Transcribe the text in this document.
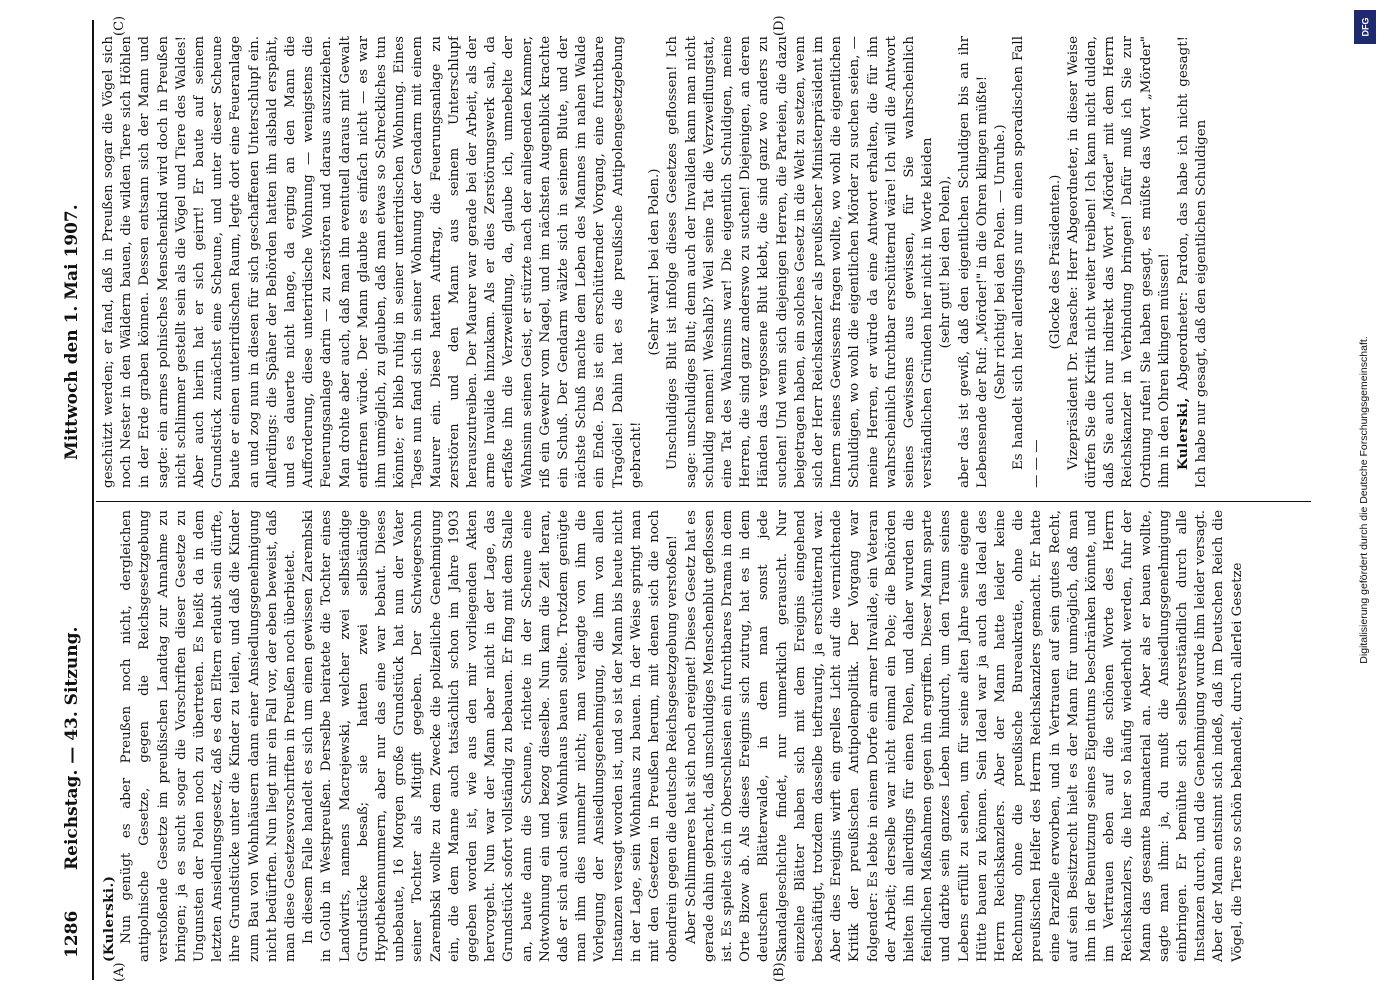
1286
Reichstag. — 43. Sitzung.
Mittwoch den 1. Mai 1907.
(A)	(B)
(C)	(D)

(Kulerski.) Nun genügt es aber Preußen noch nicht, dergleichen antipolnische Gesetze, gegen die Reichsgesetzgebung verstoßende Gesetze im preußischen Landtag zur Annahme zu bringen; ja es sucht sogar die Vorschriften dieser Gesetze zu Ungunsten der Polen noch zu übertreten. Es heißt da in dem letzten Ansiedlungsgesetz, daß es den Eltern erlaubt sein dürfte, ihre Grundstücke unter die Kinder zu teilen, und daß die Kinder zum Bau von Wohnhäusern dann einer Ansiedlungsgenehmigung nicht bedürften. Nun liegt mir ein Fall vor, der eben beweist, daß man diese Gesetzesvorschriften in Preußen noch überbietet. In diesem Falle handelt es sich um einen gewissen Zarembski in Golub in Westpreußen. Derselbe heiratete die Tochter eines Landwirts, namens Macrejewski, welcher zwei selbständige Grundstücke besaß; sie hatten zwei selbständige Hypothekennummern, aber nur das eine war bebaut. Dieses unbebaute, 16 Morgen große Grundstück hat nun der Vater seiner Tochter als Mitgift gegeben. Der Schwiegersohn Zarembski wollte zu dem Zwecke die polizeiliche Genehmigung ein, die dem Manne auch tatsächlich schon im Jahre 1903 gegeben worden ist, wie aus den mir vorliegenden Akten hervorgeht. Nun war der Mann aber nicht in der Lage, das Grundstück sofort vollständig zu bebauen. Er fing mit dem Stalle an, baute dann die Scheune, richtete in der Scheune eine Notwohnung ein und bezog dieselbe. Nun kam die Zeit heran, daß er sich auch sein Wohnhaus bauen sollte. Trotzdem genügte man ihm dies nunmehr nicht; man verlangte von ihm die Vorlegung der Ansiedlungsgenehmigung, die ihm von allen Instanzen versagt worden ist, und so ist der Mann bis heute nicht in der Lage, sein Wohnhaus zu bauen. In der Weise springt man mit den Gesetzen in Preußen herum, mit denen sich die noch obendrein gegen die deutsche Reichsgesetzgebung verstoßen! Aber Schlimmeres hat sich noch ereignet! Dieses Gesetz hat es gerade dahin gebracht, daß unschuldiges Menschenblut geflossen ist. Es spielte sich in Oberschlesien ein furchtbares Drama in dem Orte Bizow ab. Als dieses Ereignis sich zutrug, hat es in dem deutschen Blätterwalde, in dem man sonst jede Skandalgeschichte findet, nur unmerklich gerauscht. Nur einzelne Blätter haben sich mit dem Ereignis eingehend beschäftigt, trotzdem dasselbe tieftraurig, ja erschütternd war. Aber dies Ereignis wirft ein grelles Licht auf die vernichtende Kritik der preußischen Antipolenpolitik. Der Vorgang war folgender: Es lebte in einem Dorfe ein armer Invalide, ein Veteran der Arbeit; derselbe war nicht einmal ein Pole; die Behörden hielten ihn allerdings für einen Polen, und daher wurden die feindlichen Maßnahmen gegen ihn ergriffen. Dieser Mann sparte und darbte sein ganzes Leben hindurch, um den Traum seines Lebens erfüllt zu sehen, um für seine alten Jahre seine eigene Hütte bauen zu können. Sein Ideal war ja auch das Ideal des Herrn Reichskanzlers. Aber der Mann hatte leider keine Rechnung ohne die preußische Bureaukratie, ohne die preußischen Helfer des Herrn Reichskanzlers gemacht. Er hatte eine Parzelle erworben, und in Vertrauen auf sein gutes Recht, auf sein Besitzrecht hielt es der Mann für unmöglich, daß man ihm in der Benutzung seines Eigentums beschränken könnte, und im Vertrauen eben auf die schönen Worte des Herrn Reichskanzlers, die hier so häufig wiederholt werden, fuhr der Mann das gesamte Baumaterial an. Aber als er bauen wollte, sagte man ihm: ja, du mußt die Ansiedlungsgenehmigung einbringen. Er bemühte sich selbstverständlich durch alle Instanzen durch, und die Genehmigung wurde ihm leider versagt. Aber der Mann entsinnt sich indeß, daß im Deutschen Reich die Vögel, die Tiere so schön behandelt, durch allerlei Gesetze

geschützt werden; er fand, daß in Preußen sogar die Vögel sich noch Nester in den Wäldern bauen, die wilden Tiere sich Höhlen in der Erde graben können. Dessen entsann sich der Mann und sagte: ein armes polnisches Menschenkind wird doch in Preußen nicht schlimmer gestellt sein als die Vögel und Tiere des Waldes! Aber auch hierin hat er sich geirrt! Er baute auf seinem Grundstück zunächst eine Scheune, und unter dieser Scheune baute er einen unterirdischen Raum, legte dort eine Feueranlage an und zog nun in diesen für sich geschaffenen Unterschlupf ein. Allerdings: die Späher der Behörden hatten ihn alsbald erspäht, und es dauerte nicht lange, da erging an den Mann die Aufforderung, diese unterirdische Wohnung — wenigstens die Feuerungsanlage darin — zu zerstören und daraus auszuziehen. Man drohte aber auch, daß man ihn eventuell daraus mit Gewalt entfernen würde. Der Mann glaubte es einfach nicht — es war ihm unmöglich, zu glauben, daß man etwas so Schreckliches tun könnte; er blieb ruhig in seiner unterirdischen Wohnung. Eines Tages nun fand sich in seiner Wohnung der Gendarm mit einem Maurer ein. Diese hatten Auftrag, die Feuerungsanlage zu zerstören und den Mann aus seinem Unterschlupf herauszutreiben. Der Maurer war gerade bei der Arbeit, als der arme Invalide hinzukam. Als er dies Zerstörungswerk sah, da erfaßte ihn die Verzweiflung, da, glaube ich, umnebelte der Wahnsinn seinen Geist, er stürzte nach der anliegenden Kammer, riß ein Gewehr vom Nagel, und im nächsten Augenblick krachte ein Schuß. Der Gendarm wälzte sich in seinem Blute, und der nächste Schuß machte dem Leben des Mannes im nahen Walde ein Ende. Das ist ein erschütternder Vorgang, eine furchtbare Tragödie! Dahin hat es die preußische Antipolengesetzgebung gebracht!

(Sehr wahr! bei den Polen.) Unschuldiges Blut ist infolge dieses Gesetzes geflossen! Ich sage: unschuldiges Blut; denn auch der Invaliden kann man nicht schuldig nennen! Weshalb? Weil seine Tat die Verzweiflungstat, eine Tat des Wahnsinns war! Die eigentlich Schuldigen, meine Herren, die sind ganz anderswo zu suchen! Diejenigen, an deren Händen das vergossene Blut klebt, die sind ganz wo anders zu suchen! Und wenn sich diejenigen Herren, die Parteien, die dazu beigetragen haben, ein solches Gesetz in die Welt zu setzen, wenn sich der Herr Reichskanzler als preußischer Ministerpräsident im Innern seines Gewissens fragen wollte, wo wohl die eigentlichen Schuldigen, wo wohl die eigentlichen Mörder zu suchen seien, — meine Herren, er würde da eine Antwort erhalten, die für ihn wahrscheinlich furchtbar erschütternd wäre! Ich will die Antwort seines Gewissens aus gewissen, für Sie wahrscheinlich verständlichen Gründen hier nicht in Worte kleiden (sehr gut! bei den Polen), aber das ist gewiß, daß den eigentlichen Schuldigen bis an ihr Lebensende der Ruf: „Mörder!" in die Ohren klingen müßte! (Sehr richtig! bei den Polen. — Unruhe.) Es handelt sich hier allerdings nur um einen sporadischen Fall — — —

(Glocke des Präsidenten.) Vizepräsident Dr. Paasche: Herr Abgeordneter, in dieser Weise dürfen Sie die Kritik nicht weiter treiben! Ich kann nicht dulden, daß Sie auch nur indirekt das Wort „Mörder" mit dem Herrn Reichskanzler in Verbindung bringen! Dafür muß ich Sie zur Ordnung rufen! Sie haben gesagt, es müßte das Wort „Mörder" ihm in den Ohren klingen müssen! Kulerski, Abgeordneter: Pardon, das habe ich nicht gesagt! Ich habe nur gesagt, daß den eigentlichen Schuldigen

DFG
Digitalisierung gefördert durch die Deutsche Forschungsgemeinschaft.
